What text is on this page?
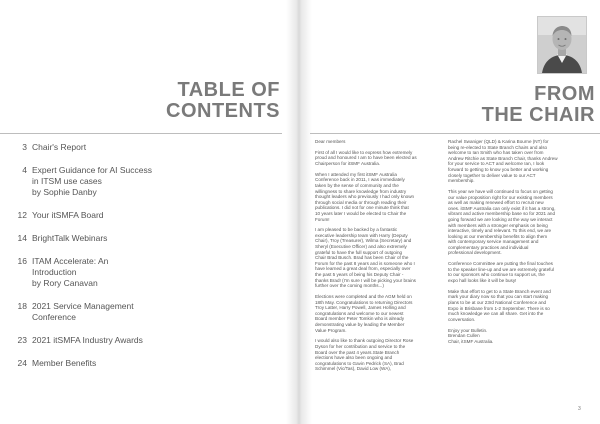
TABLE OF
CONTENTS
3 Chair's Report
4 Expert Guidance for AI Success
in ITSM use cases
by Sophie Danby
12 Your itSMFA Board
14 BrightTalk Webinars
16 ITAM Accelerate: An
Introduction
by Rory Canavan
18 2021 Service Management
Conference
23 2021 itSMFA Industry Awards
24 Member Benefits
FROM
THE CHAIR

Dear members

First of all I would like to express how extremely
proud and honoured I am to have been elected as
Chairperson for itSMF Australia.

When I attended my first itSMF Australia
Conference back in 2011, I was immediately
taken by the sense of community and the
willingness to share knowledge from industry
thought leaders who previously I had only known
through social media or through reading their
publications. I did not for one minute think that
10 years later I would be elected to Chair the
Forum!

I am pleased to be backed by a fantastic
executive leadership team with Harry (Deputy
Chair), Troy (Treasurer), Wilma (Secretary) and
Sheryl (Executive Officer) and also extremely
grateful to have the full support of outgoing
Chair Brad Busch. Brad has been Chair of the
Forum for the past 8 years and is someone who I
have learned a great deal from, especially over
the past 5 years of being his Deputy Chair -
thanks Brad! (I'm sure I will be picking your brains
further over the coming months...)

Elections were completed and the AGM held on
18th May. Congratulations to returning Directors
Troy Latter, Harry Powell, James Holling and
congratulations and welcome to our newest
Board member Peter Tomkin who is already
demonstrating value by leading the Member
Value Program.

I would also like to thank outgoing Director Rose
Dyson for her contribution and service to the
Board over the past 4 years.State Branch
elections have also been ongoing and
congratulations to Gavin Pedrick (SA), Brad
Schimmel (Vic/Tas), David Low (WA),

Rachel Swaniger (QLD) & Karina Bourne (NT) for
being re-elected to State Branch Chairs and also
welcome to Ian Smith who has taken over from
Andrew Ritchie as State Branch Chair, thanks Andrew
for your service to ACT and welcome Ian, I look
forward to getting to know you better and working
closely together to deliver value to our ACT
membership.

This year we have will continued to focus on getting
our value proposition right for our existing members
as well as making renewed effort to recruit new
ones. itSMF Australia can only exist if it has a strong,
vibrant and active membership base so for 2021 and
going forward we are looking at the way we interact
with members with a stronger emphasis on being
interactive, timely and relevant. To this end, we are
looking at our membership benefits to align them
with contemporary service management and
complementary practices and individual
professional development.

Conference Committee are putting the final touches
to the speaker line-up and we are extremely grateful
to our sponsors who continue to support us, the
expo hall looks like it will be busy!

Make that effort to get to a State Branch event and
mark your diary now so that you can start making
plans to be at our 23rd National Conference and
Expo in Brisbane from 1-2 September. There is so
much knowledge we can all share. Get into the
conversation.

Enjoy your Bulletin.
Brendan Cullen
Chair, itSMF Australia.

3
